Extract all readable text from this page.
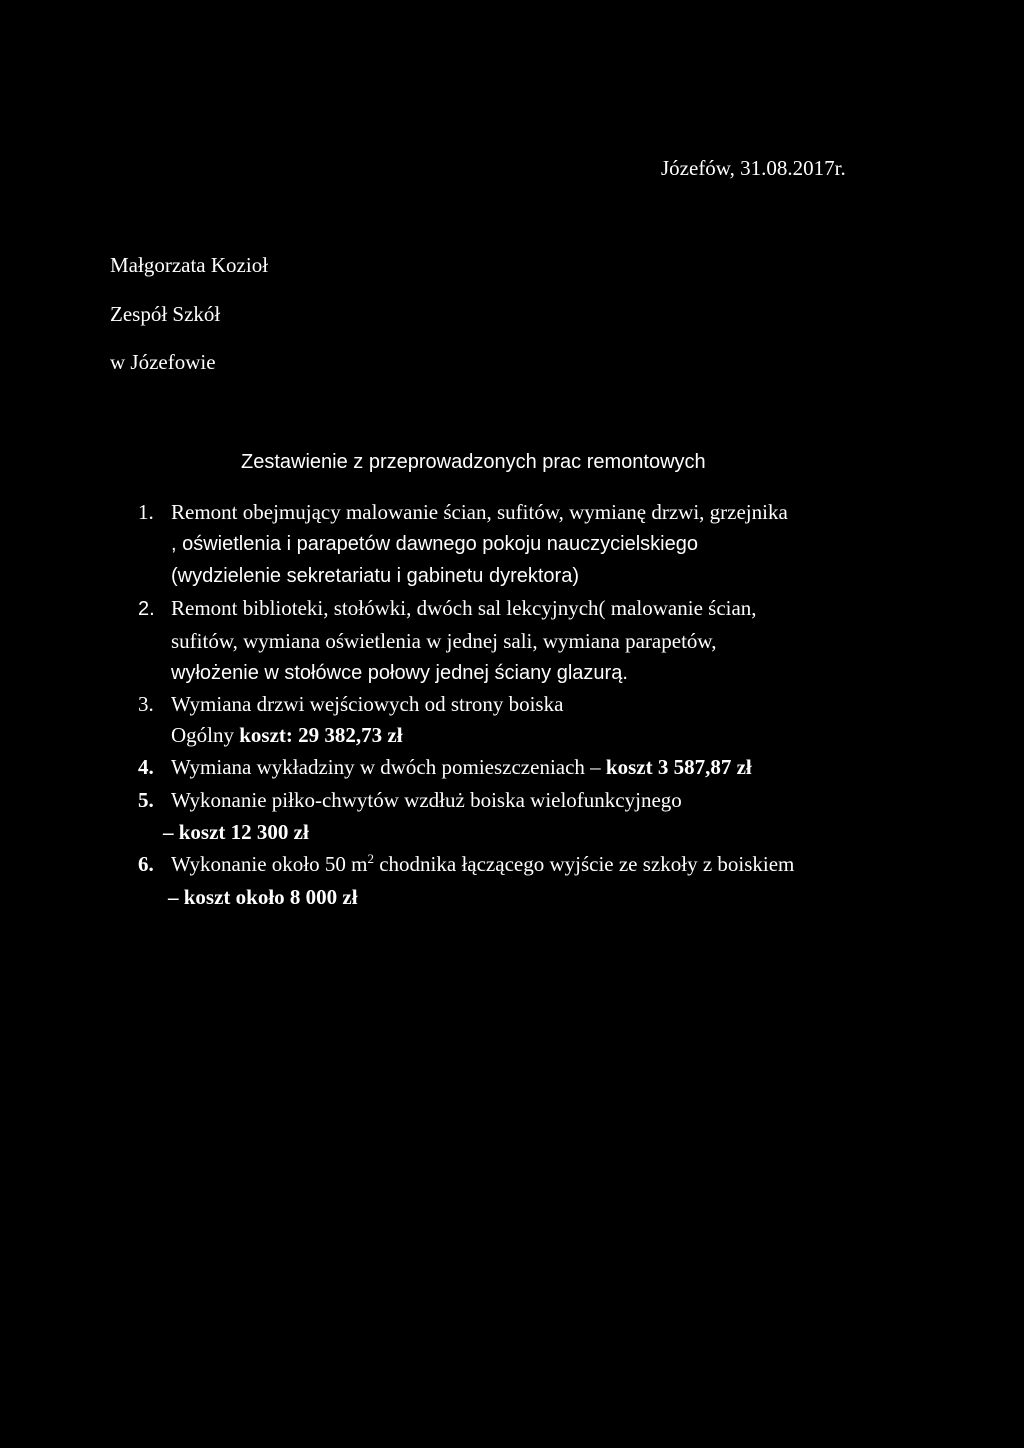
Józefów, 31.08.2017r.
Małgorzata Kozioł
Zespół Szkół
w Józefowie
Zestawienie z przeprowadzonych prac remontowych
1. Remont obejmujący malowanie ścian, sufitów, wymianę drzwi, grzejnika
, oświetlenia i parapetów dawnego pokoju nauczycielskiego
(wydzielenie sekretariatu i gabinetu dyrektora)
2. Remont biblioteki, stołówki, dwóch sal lekcyjnych( malowanie ścian,
sufitów, wymiana oświetlenia w jednej sali, wymiana parapetów,
wyłożenie w stołówce połowy jednej ściany glazurą.
3. Wymiana drzwi wejściowych od strony boiska
Ogólny koszt: 29 382,73 zł
4. Wymiana wykładziny w dwóch pomieszczeniach – koszt 3 587,87 zł
5. Wykonanie piłko-chwytów wzdłuż boiska wielofunkcyjnego
– koszt 12 300 zł
6. Wykonanie około 50 $m^2$ chodnika łączącego wyjście ze szkoły z boiskiem
– koszt około 8 000 zł
